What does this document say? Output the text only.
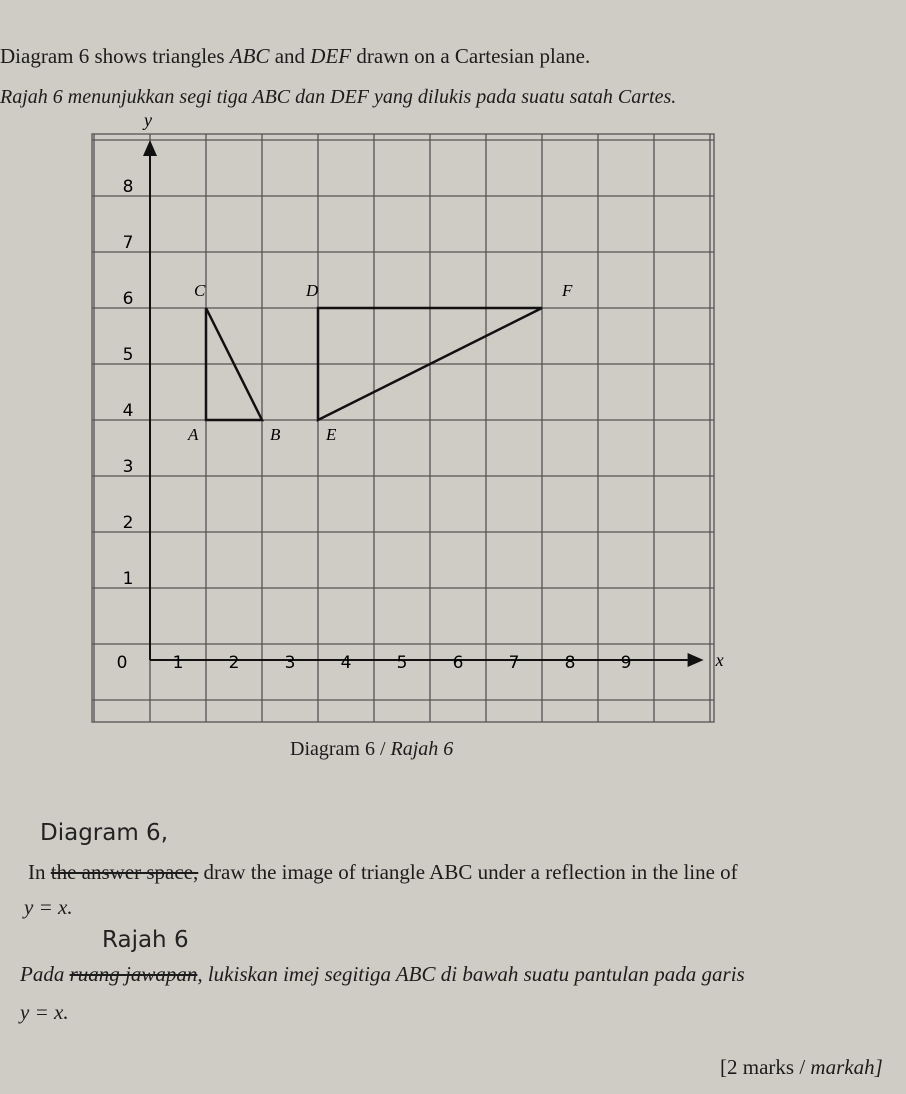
Diagram 6 shows triangles ABC and DEF drawn on a Cartesian plane.
Rajah 6 menunjukkan segi tiga ABC dan DEF yang dilukis pada suatu satah Cartes.
x
y
0	1	2	3	4	5	6	7	8	9
1
2
3
4
5
6
7
8
A	B
C	D
E
F
Diagram 6 / Rajah 6
Diagram 6,
In the answer space, draw the image of triangle ABC under a reflection in the line of
y = x.
Rajah 6
Pada ruang jawapan, lukiskan imej segitiga ABC di bawah suatu pantulan pada garis
y = x.
[2 marks / markah]
